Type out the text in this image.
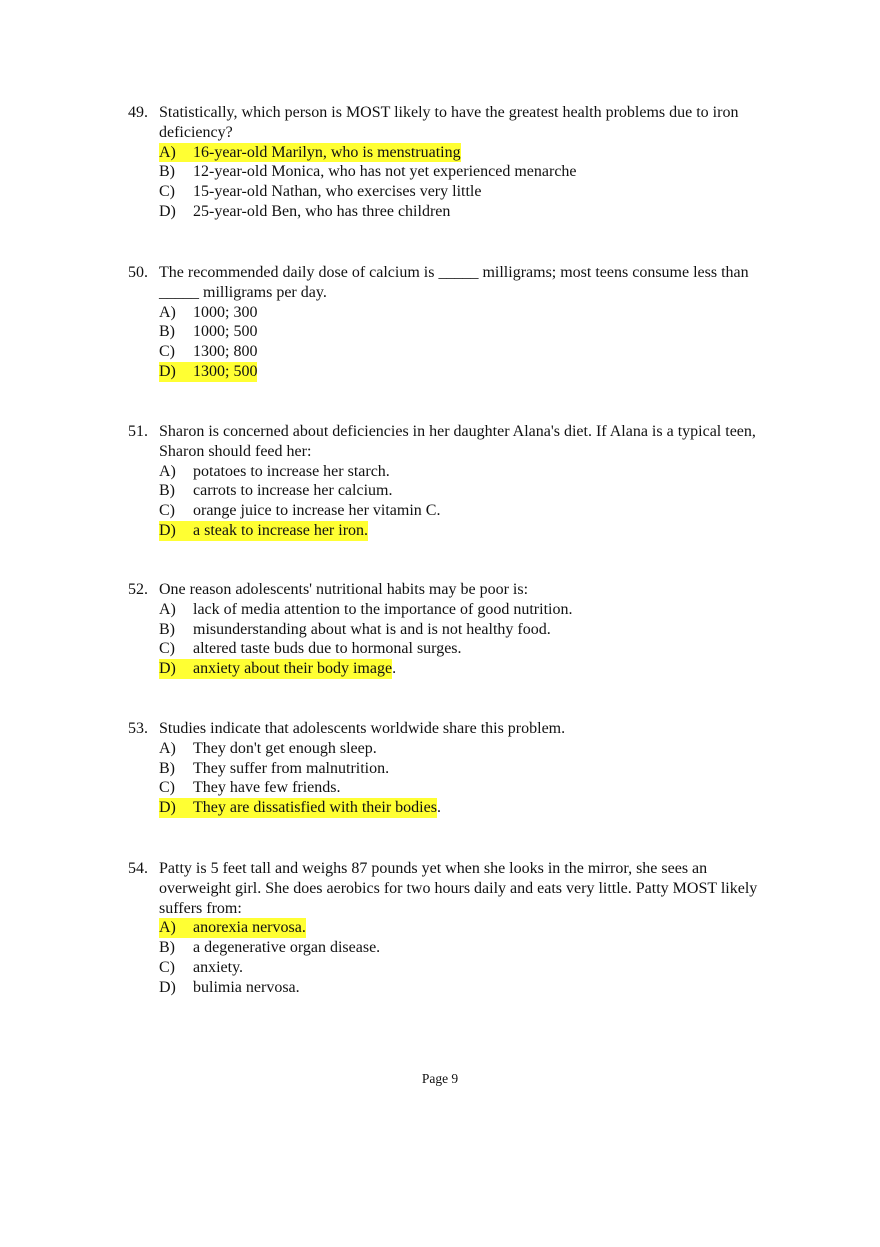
49. Statistically, which person is MOST likely to have the greatest health problems due to iron deficiency?
A)	16-year-old Marilyn, who is menstruating
B)	12-year-old Monica, who has not yet experienced menarche
C)	15-year-old Nathan, who exercises very little
D)	25-year-old Ben, who has three children
50. The recommended daily dose of calcium is _____ milligrams; most teens consume less than _____ milligrams per day.
A)	1000; 300
B)	1000; 500
C)	1300; 800
D)	1300; 500
51. Sharon is concerned about deficiencies in her daughter Alana's diet. If Alana is a typical teen, Sharon should feed her:
A)	potatoes to increase her starch.
B)	carrots to increase her calcium.
C)	orange juice to increase her vitamin C.
D)	a steak to increase her iron.
52. One reason adolescents' nutritional habits may be poor is:
A)	lack of media attention to the importance of good nutrition.
B)	misunderstanding about what is and is not healthy food.
C)	altered taste buds due to hormonal surges.
D)	anxiety about their body image .
53. Studies indicate that adolescents worldwide share this problem.
A)	They don't get enough sleep.
B)	They suffer from malnutrition.
C)	They have few friends.
D)	They are dissatisfied with their bodies .
54. Patty is 5 feet tall and weighs 87 pounds yet when she looks in the mirror, she sees an overweight girl. She does aerobics for two hours daily and eats very little. Patty MOST likely suffers from:
A)	anorexia nervosa.
B)	a degenerative organ disease.
C)	anxiety.
D)	bulimia nervosa.
Page 9
